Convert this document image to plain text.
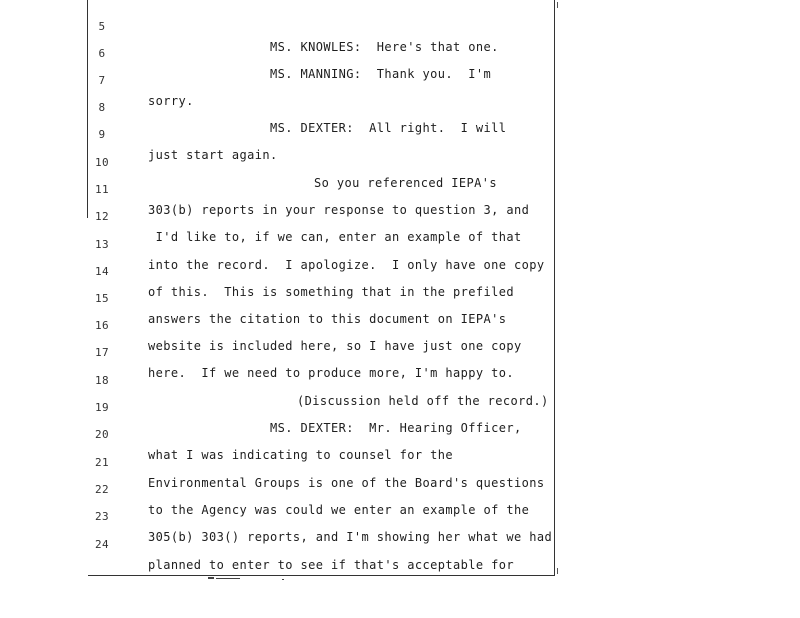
5

MS. KNOWLES:  Here's that one.

6

MS. MANNING:  Thank you.  I'm

7

sorry.

8

MS. DEXTER:  All right.  I will

9

just start again.

10

So you referenced IEPA's

11

303(b) reports in your response to question 3, and

12

I'd like to, if we can, enter an example of that

13

into the record.  I apologize.  I only have one copy

14

of this.  This is something that in the prefiled

15

answers the citation to this document on IEPA's

16

website is included here, so I have just one copy

17

here.  If we need to produce more, I'm happy to.

18

(Discussion held off the record.)

19

MS. DEXTER:  Mr. Hearing Officer,

20

what I was indicating to counsel for the

21

Environmental Groups is one of the Board's questions

22

to the Agency was could we enter an example of the

23

305(b) 303() reports, and I'm showing her what we had

24

planned to enter to see if that's acceptable for
